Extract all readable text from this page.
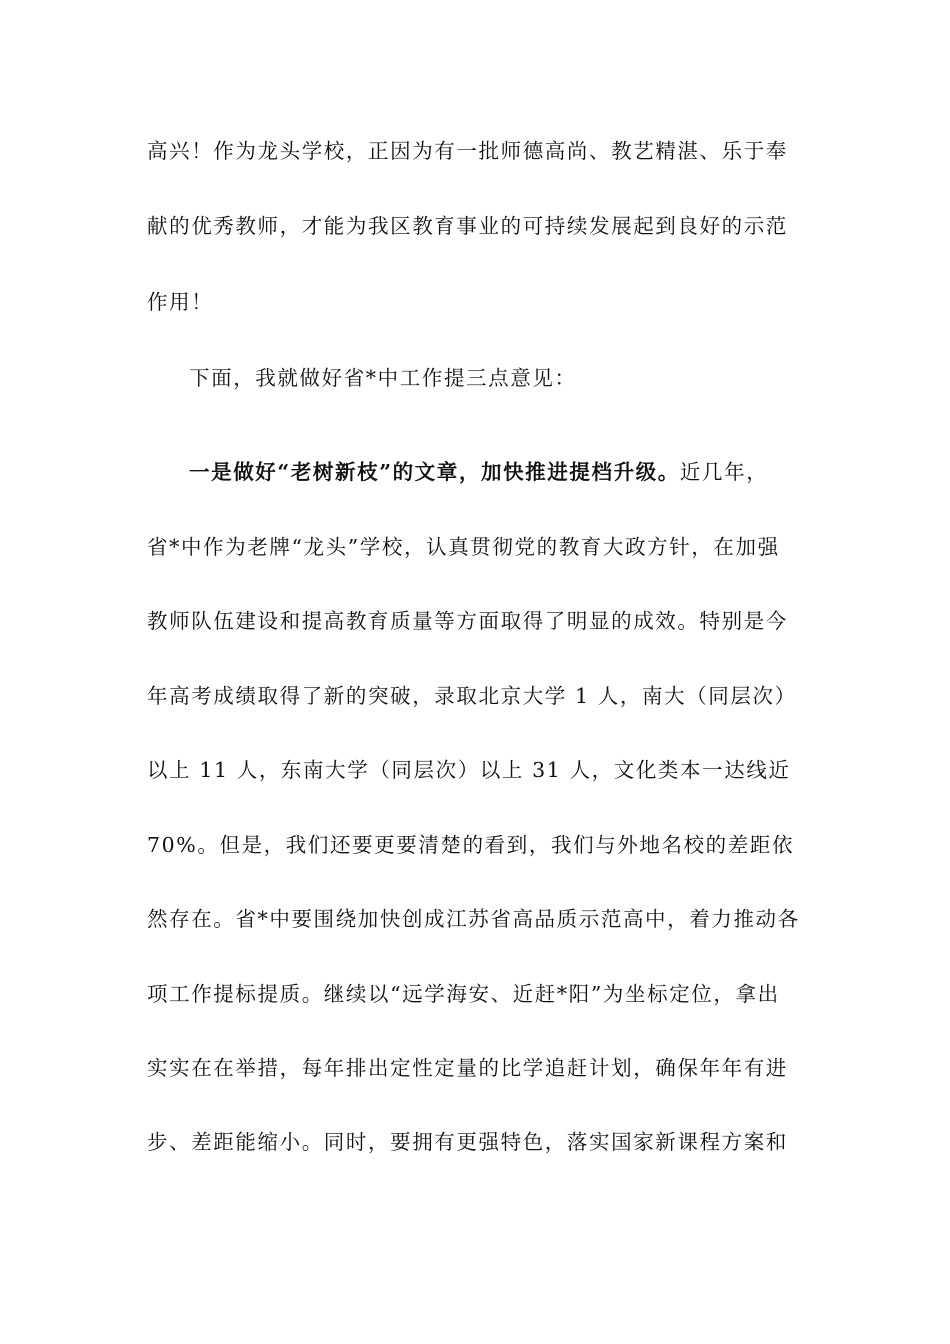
高兴！作为龙头学校，正因为有一批师德高尚、教艺精湛、乐于奉
献的优秀教师，才能为我区教育事业的可持续发展起到良好的示范
作用！
下面，我就做好省*中工作提三点意见：
一是做好“老树新枝”的文章，加快推进提档升级。近几年，
省*中作为老牌“龙头”学校，认真贯彻党的教育大政方针，在加强
教师队伍建设和提高教育质量等方面取得了明显的成效。特别是今
年高考成绩取得了新的突破，录取北京大学 1 人，南大（同层次）
以上 11 人，东南大学（同层次）以上 31 人，文化类本一达线近
70%。但是，我们还要更要清楚的看到，我们与外地名校的差距依
然存在。省*中要围绕加快创成江苏省高品质示范高中，着力推动各
项工作提标提质。继续以“远学海安、近赶*阳”为坐标定位，拿出
实实在在举措，每年排出定性定量的比学追赶计划，确保年年有进
步、差距能缩小。同时，要拥有更强特色，落实国家新课程方案和
